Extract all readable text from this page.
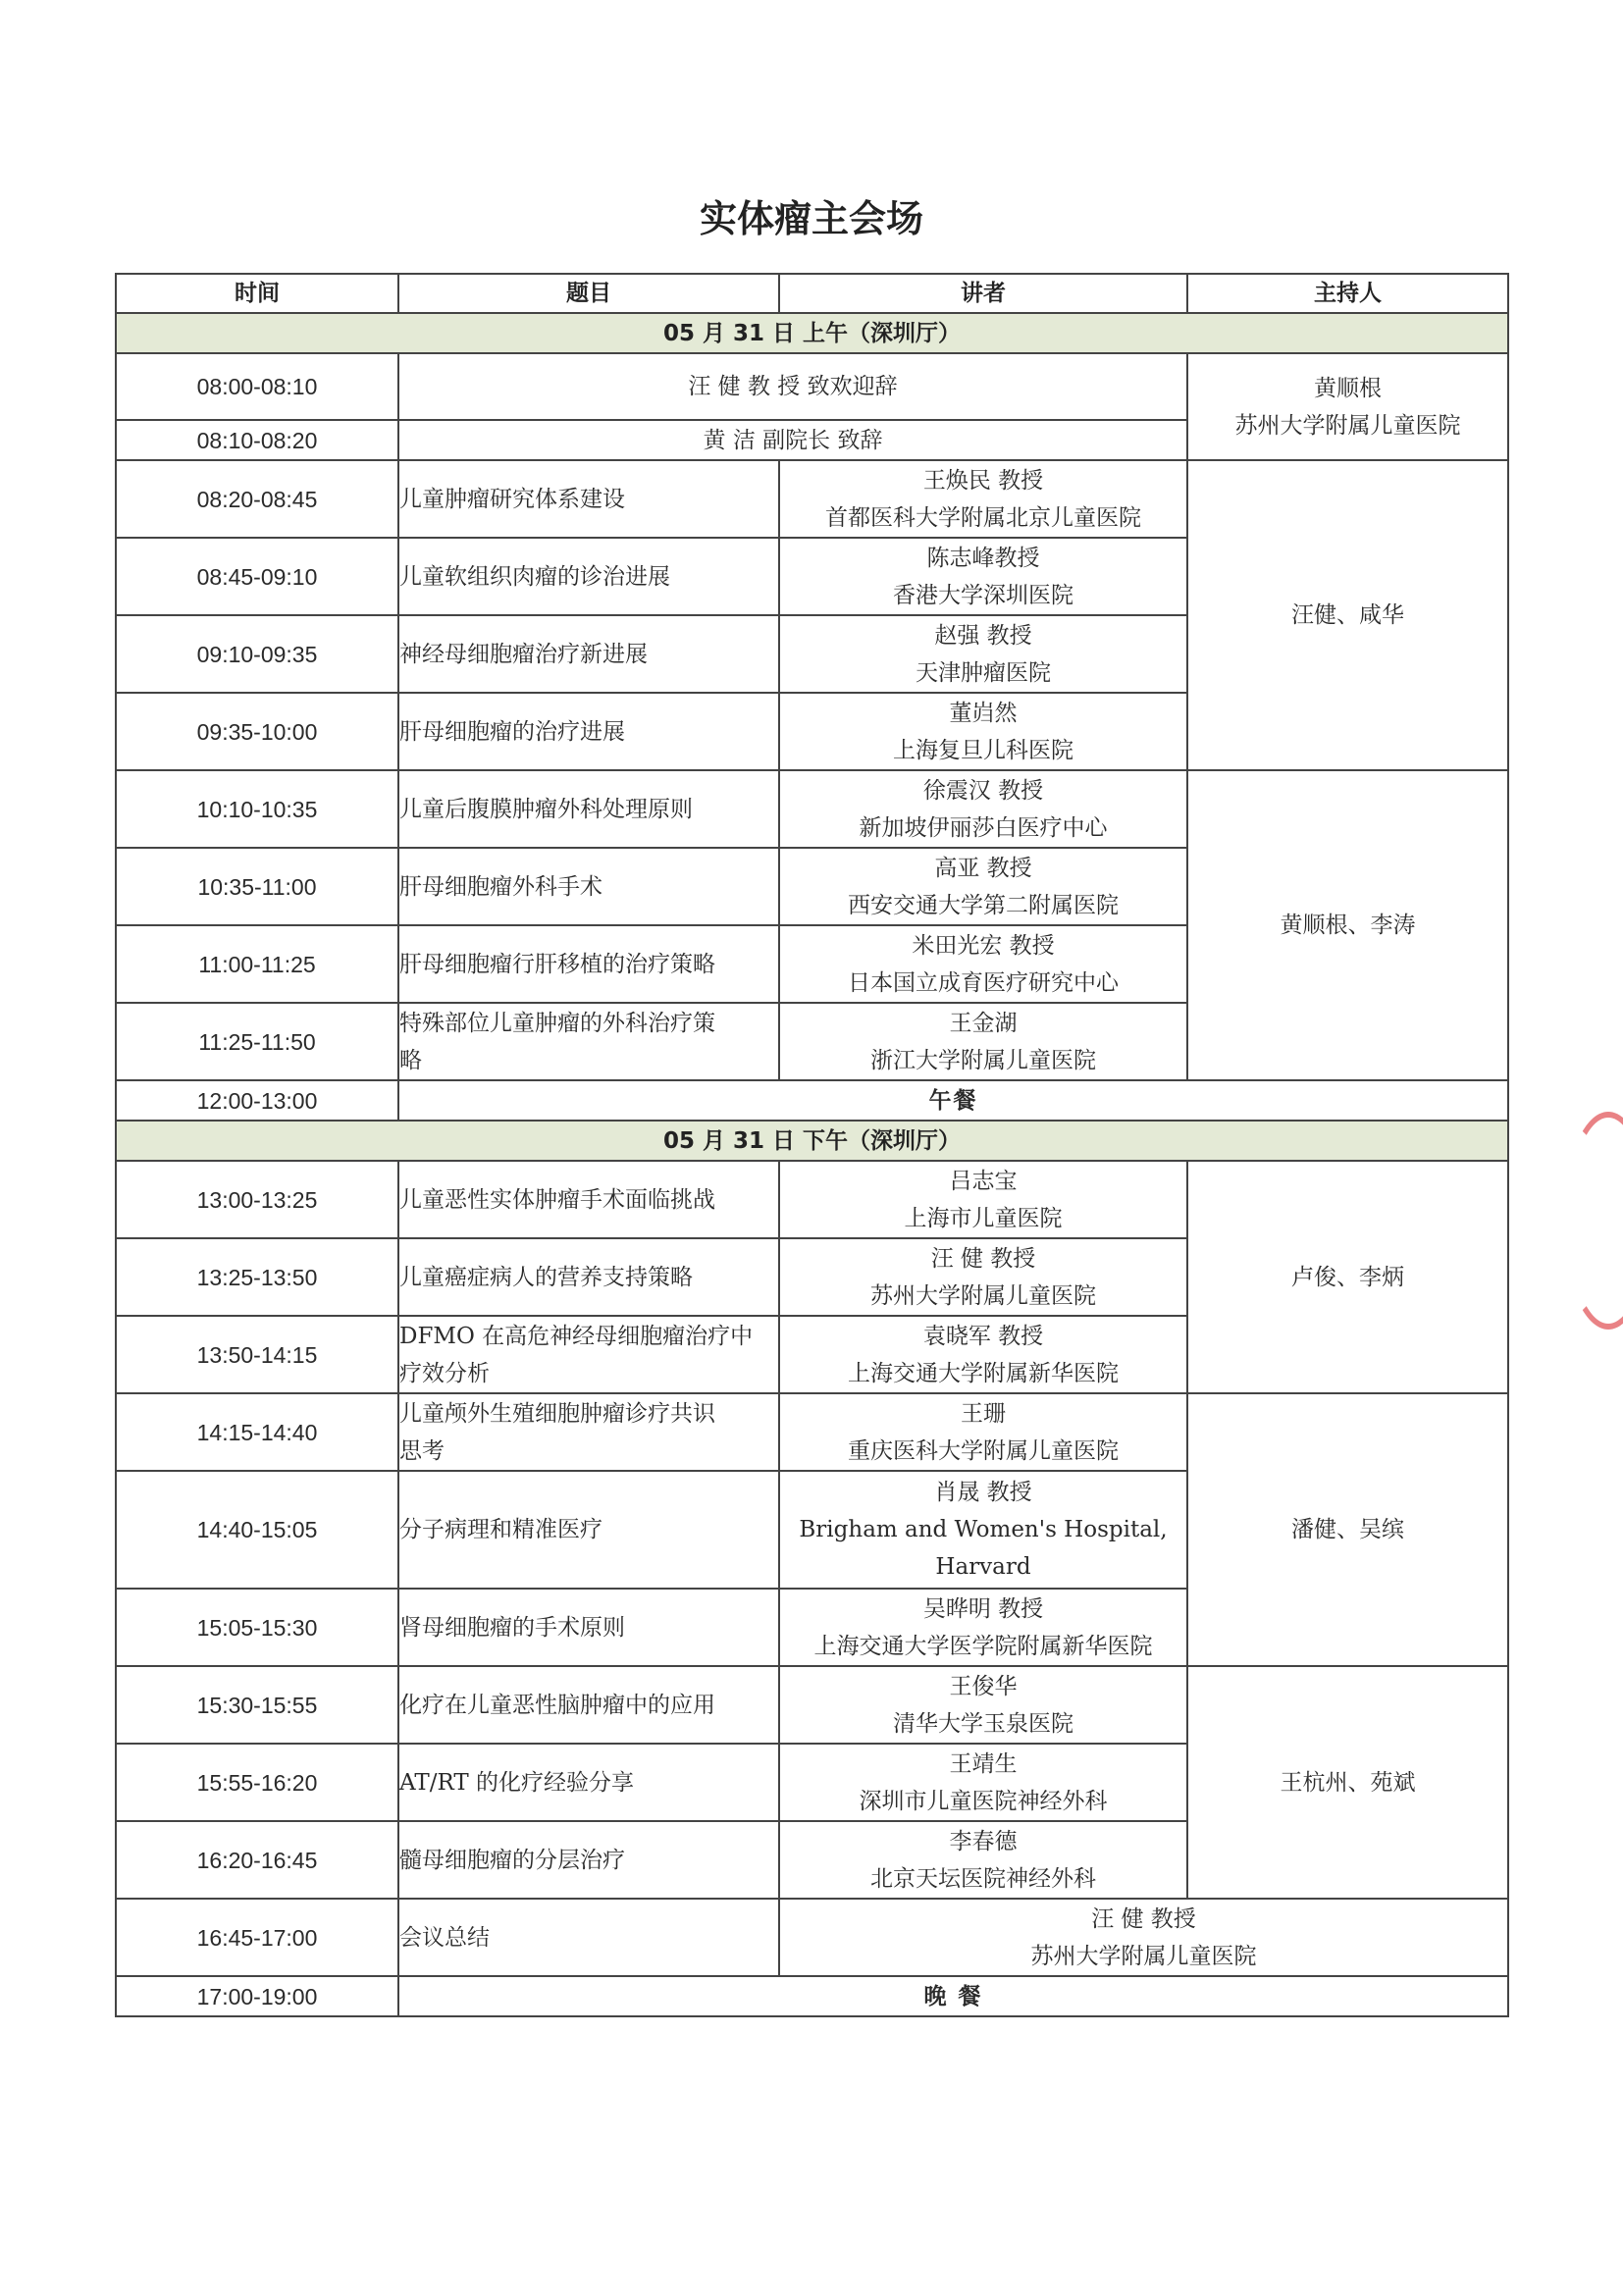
实体瘤主会场
时间	题目	讲者	主持人
05 月 31 日 上午（深圳厅）			
08:00-08:10	汪 健 教 授 致欢迎辞		黄顺根
苏州大学附属儿童医院

08:10-08:20	黄 洁 副院长 致辞		
08:20-08:45	儿童肿瘤研究体系建设	王焕民 教授
首都医科大学附属北京儿童医院	汪健、咸华
08:45-09:10	儿童软组织肉瘤的诊治进展	陈志峰教授
香港大学深圳医院	

09:10-09:35	神经母细胞瘤治疗新进展	赵强 教授
天津肿瘤医院	

09:35-10:00	肝母细胞瘤的治疗进展	董岿然
上海复旦儿科医院	

10:10-10:35	儿童后腹膜肿瘤外科处理原则	徐震汉 教授
新加坡伊丽莎白医疗中心	黄顺根、李涛
10:35-11:00	肝母细胞瘤外科手术	高亚 教授
西安交通大学第二附属医院	

11:00-11:25	肝母细胞瘤行肝移植的治疗策略	米田光宏 教授
日本国立成育医疗研究中心	

11:25-11:50	特殊部位儿童肿瘤的外科治疗策
略	王金湖
浙江大学附属儿童医院	

12:00-13:00	午餐		
05 月 31 日 下午（深圳厅）			
13:00-13:25	儿童恶性实体肿瘤手术面临挑战	吕志宝
上海市儿童医院	卢俊、李炳
13:25-13:50	儿童癌症病人的营养支持策略	汪 健 教授
苏州大学附属儿童医院	

13:50-14:15	DFMO 在高危神经母细胞瘤治疗中
疗效分析	袁晓军 教授
上海交通大学附属新华医院	

14:15-14:40	儿童颅外生殖细胞肿瘤诊疗共识
思考	王珊
重庆医科大学附属儿童医院	潘健、吴缤
14:40-15:05	分子病理和精准医疗	肖晟 教授
Brigham and Women's Hospital,
Harvard	

15:05-15:30	肾母细胞瘤的手术原则	吴晔明 教授
上海交通大学医学院附属新华医院	

15:30-15:55	化疗在儿童恶性脑肿瘤中的应用	王俊华
清华大学玉泉医院	王杭州、苑斌
15:55-16:20	AT/RT 的化疗经验分享	王靖生
深圳市儿童医院神经外科	

16:20-16:45	髓母细胞瘤的分层治疗	李春德
北京天坛医院神经外科	

16:45-17:00	会议总结	汪 健 教授
苏州大学附属儿童医院	

17:00-19:00	晚 餐		
